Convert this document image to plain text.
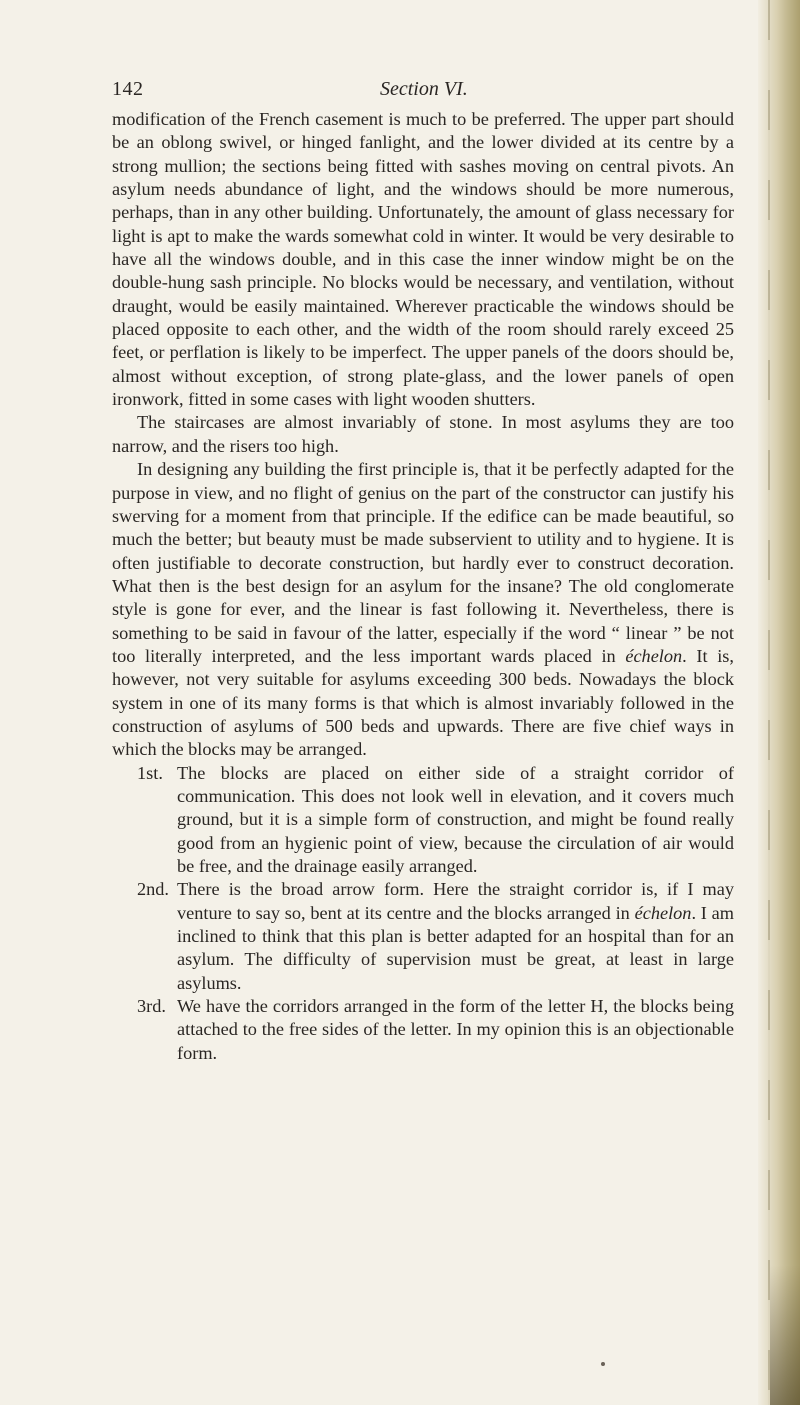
142	Section VI.

modification of the French casement is much to be preferred. The upper part should be an oblong swivel, or hinged fanlight, and the lower divided at its centre by a strong mullion; the sections being fitted with sashes moving on central pivots. An asylum needs abundance of light, and the windows should be more numerous, perhaps, than in any other building. Unfortunately, the amount of glass necessary for light is apt to make the wards somewhat cold in winter. It would be very desirable to have all the windows double, and in this case the inner window might be on the double-hung sash principle. No blocks would be necessary, and ventilation, without draught, would be easily maintained. Wherever practicable the windows should be placed opposite to each other, and the width of the room should rarely exceed 25 feet, or perflation is likely to be imperfect. The upper panels of the doors should be, almost without exception, of strong plate-glass, and the lower panels of open ironwork, fitted in some cases with light wooden shutters.

The staircases are almost invariably of stone. In most asylums they are too narrow, and the risers too high.

In designing any building the first principle is, that it be perfectly adapted for the purpose in view, and no flight of genius on the part of the constructor can justify his swerving for a moment from that principle. If the edifice can be made beautiful, so much the better; but beauty must be made subservient to utility and to hygiene. It is often justifiable to decorate construction, but hardly ever to construct decoration. What then is the best design for an asylum for the insane? The old conglomerate style is gone for ever, and the linear is fast following it. Nevertheless, there is something to be said in favour of the latter, especially if the word “ linear ” be not too literally interpreted, and the less important wards placed in échelon. It is, however, not very suitable for asylums exceeding 300 beds. Nowadays the block system in one of its many forms is that which is almost invariably followed in the construction of asylums of 500 beds and upwards. There are five chief ways in which the blocks may be arranged.

1st. The blocks are placed on either side of a straight corridor of communication. This does not look well in elevation, and it covers much ground, but it is a simple form of construction, and might be found really good from an hygienic point of view, because the circulation of air would be free, and the drainage easily arranged.

2nd. There is the broad arrow form. Here the straight corridor is, if I may venture to say so, bent at its centre and the blocks arranged in échelon. I am inclined to think that this plan is better adapted for an hospital than for an asylum. The difficulty of supervision must be great, at least in large asylums.

3rd. We have the corridors arranged in the form of the letter H, the blocks being attached to the free sides of the letter. In my opinion this is an objectionable form.
